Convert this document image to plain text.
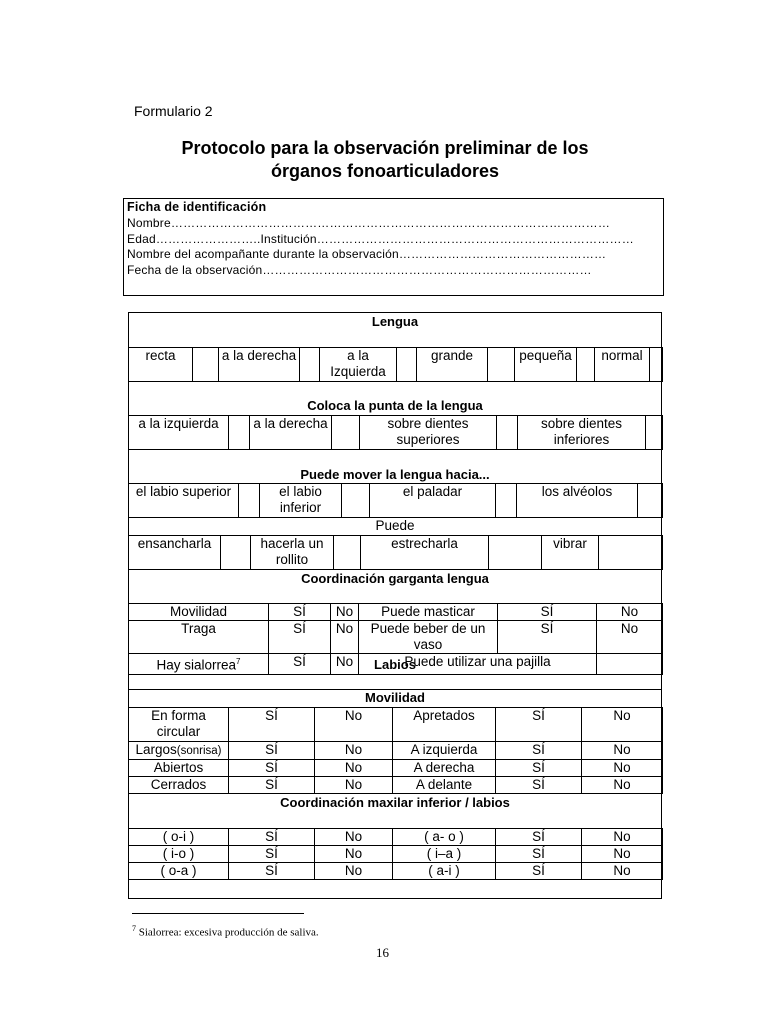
Formulario 2
Protocolo para la observación preliminar de los
órganos fonoarticuladores
Ficha de identificación
Nombre………………………………………………………………………………………………
Edad……………………..Institución……………………………………………………………………
Nombre del acompañante durante la observación……………………………………………
Fecha de la observación………………………………………………………………………
Lengua
recta		a la derecha		a la Izquierda		grande		pequeña		normal	
Coloca la punta de la lengua
a la izquierda		a la derecha		sobre dientes superiores		sobre dientes inferiores	
Puede mover la lengua hacia...
el labio superior		el labio inferior		el paladar		los alvéolos	
Puede
ensancharla		hacerla un rollito		estrecharla		vibrar	
Coordinación garganta lengua
Movilidad	SÍ	No	Puede masticar	SÍ	No
Traga	SÍ	No	Puede beber de un vaso	SÍ	No
Hay sialorrea$^7$	SÍ	No	Puede utilizar una pajilla		
Labios
Movilidad
En forma circular	SÍ	No	Apretados	SÍ	No
Largos(sonrisa)	SÍ	No	A izquierda	SÍ	No
Abiertos	SÍ	No	A derecha	SÍ	No
Cerrados	SÍ	No	A delante	SÍ	No
Coordinación maxilar inferior / labios
( o-i )	SÍ	No	( a- o )	SÍ	No
( i-o )	SÍ	No	( i–a )	SÍ	No
( o-a )	SÍ	No	( a-i )	SÍ	No
$^7$ Sialorrea: excesiva producción de saliva.
16
